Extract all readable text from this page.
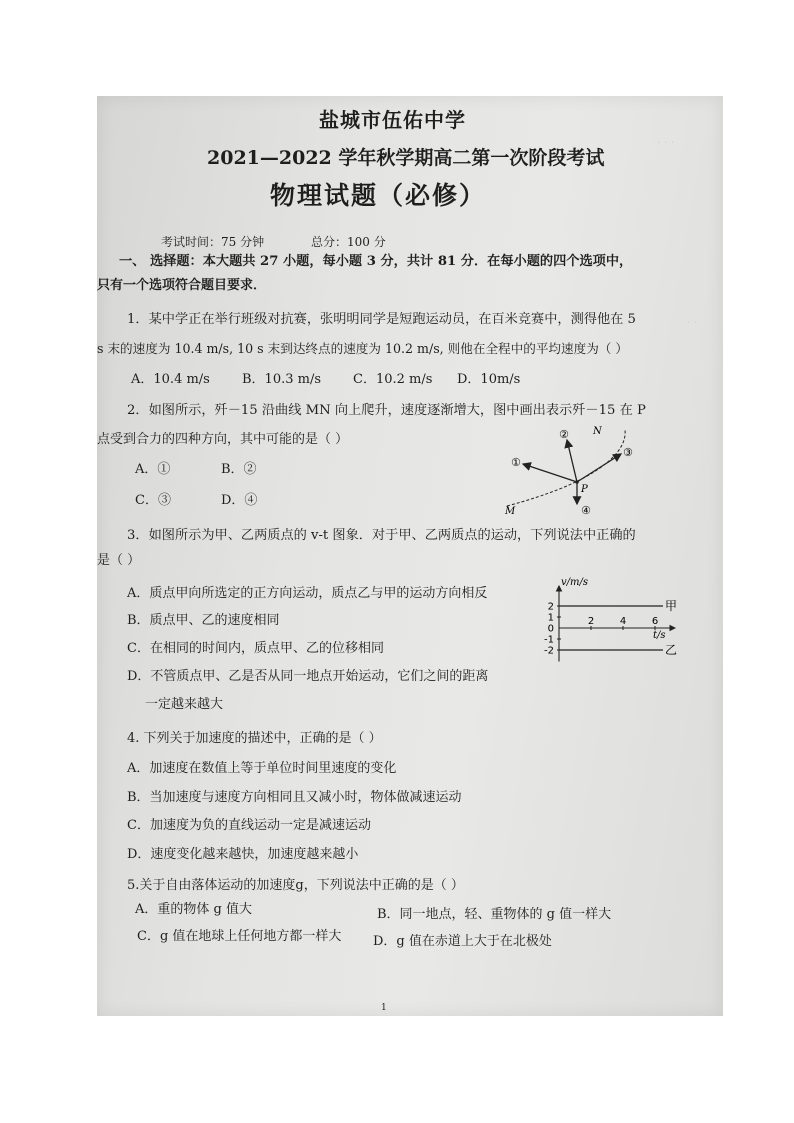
· · ·
· ·
盐城市伍佑中学
2021—2022 学年秋学期高二第一次阶段考试
物理试题（必修）
考试时间：75 分钟	总分：100 分
一、 选择题：本大题共 27 小题，每小题 3 分，共计 81 分．在每小题的四个选项中，
只有一个选项符合题目要求．
1．某中学正在举行班级对抗赛，张明明同学是短跑运动员，在百米竞赛中，测得他在 5
s 末的速度为 10.4 m/s, 10 s 末到达终点的速度为 10.2 m/s, 则他在全程中的平均速度为（ ）
A．10.4 m/s B．10.3 m/s C．10.2 m/s D．10m/s
2．如图所示，歼－15 沿曲线 MN 向上爬升，速度逐渐增大，图中画出表示歼－15 在 P
点受到合力的四种方向，其中可能的是（ ）
A．①	B．②
C．③	D．④
N
M
P
①
②
③
④
3．如图所示为甲、乙两质点的 v-t 图象．对于甲、乙两质点的运动，下列说法中正确的
是（ ）
A．质点甲向所选定的正方向运动，质点乙与甲的运动方向相反
B．质点甲、乙的速度相同
C．在相同的时间内，质点甲、乙的位移相同
D．不管质点甲、乙是否从同一地点开始运动，它们之间的距离
一定越来越大
v/m/s
t/s
2
1
0
-1
-2
2	4	6
甲
乙
4. 下列关于加速度的描述中，正确的是（ ）
A．加速度在数值上等于单位时间里速度的变化
B．当加速度与速度方向相同且又减小时，物体做减速运动
C．加速度为负的直线运动一定是减速运动
D．速度变化越来越快，加速度越来越小
5.关于自由落体运动的加速度g，下列说法中正确的是（ ）
A．重的物体 g 值大	B．同一地点，轻、重物体的 g 值一样大
C．g 值在地球上任何地方都一样大 D．g 值在赤道上大于在北极处
1
